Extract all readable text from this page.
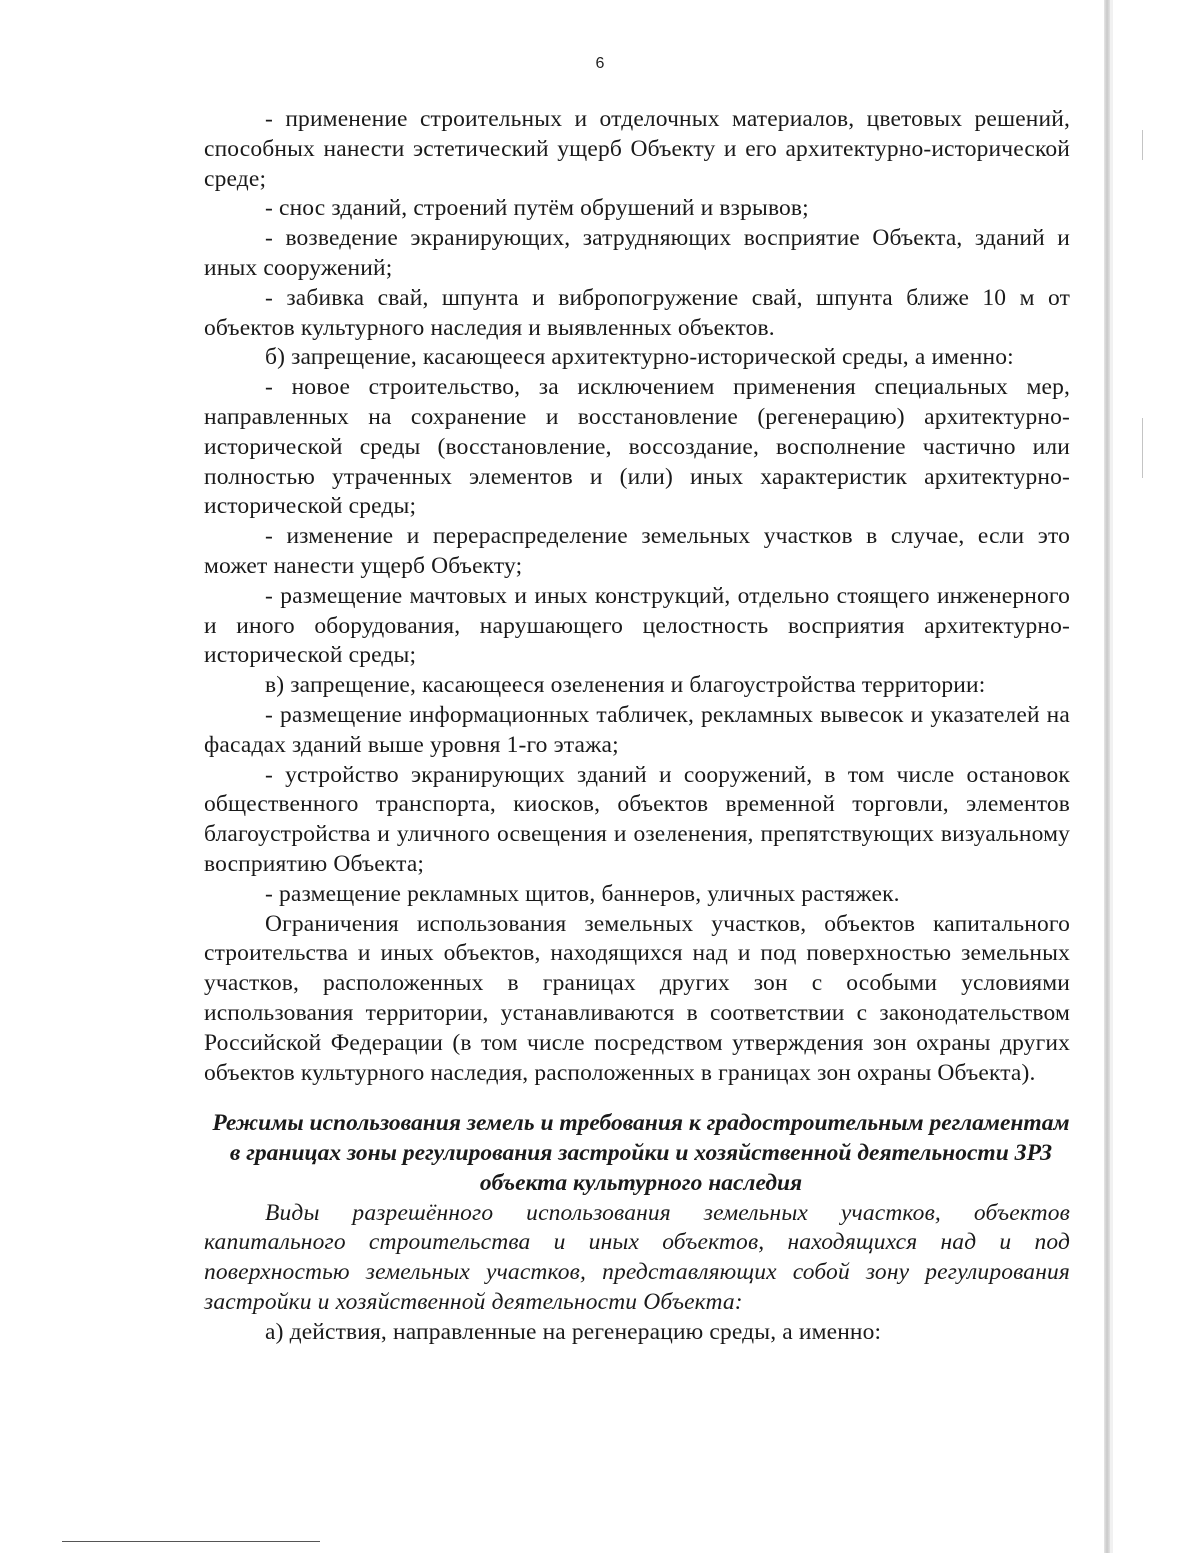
6

- применение строительных и отделочных материалов, цветовых решений, способных нанести эстетический ущерб Объекту и его архитектурно-исторической среде;

- снос зданий, строений путём обрушений и взрывов;

- возведение экранирующих, затрудняющих восприятие Объекта, зданий и иных сооружений;

- забивка свай, шпунта и вибропогружение свай, шпунта ближе 10 м от объектов культурного наследия и выявленных объектов.

б) запрещение, касающееся архитектурно-исторической среды, а именно:

- новое строительство, за исключением применения специальных мер, направленных на сохранение и восстановление (регенерацию) архитектурно-исторической среды (восстановление, воссоздание, восполнение частично или полностью утраченных элементов и (или) иных характеристик архитектурно-исторической среды;

- изменение и перераспределение земельных участков в случае, если это может нанести ущерб Объекту;

- размещение мачтовых и иных конструкций, отдельно стоящего инженерного и иного оборудования, нарушающего целостность восприятия архитектурно-исторической среды;

в) запрещение, касающееся озеленения и благоустройства территории:

- размещение информационных табличек, рекламных вывесок и указателей на фасадах зданий выше уровня 1-го этажа;

- устройство экранирующих зданий и сооружений, в том числе остановок общественного транспорта, киосков, объектов временной торговли, элементов благоустройства и уличного освещения и озеленения, препятствующих визуальному восприятию Объекта;

- размещение рекламных щитов, баннеров, уличных растяжек.

Ограничения использования земельных участков, объектов капитального строительства и иных объектов, находящихся над и под поверхностью земельных участков, расположенных в границах других зон с особыми условиями использования территории, устанавливаются в соответствии с законодательством Российской Федерации (в том числе посредством утверждения зон охраны других объектов культурного наследия, расположенных в границах зон охраны Объекта).

Режимы использования земель и требования к градостроительным регламентам в границах зоны регулирования застройки и хозяйственной деятельности ЗРЗ объекта культурного наследия

Виды разрешённого использования земельных участков, объектов капитального строительства и иных объектов, находящихся над и под поверхностью земельных участков, представляющих собой зону регулирования застройки и хозяйственной деятельности Объекта:

а) действия, направленные на регенерацию среды, а именно:
